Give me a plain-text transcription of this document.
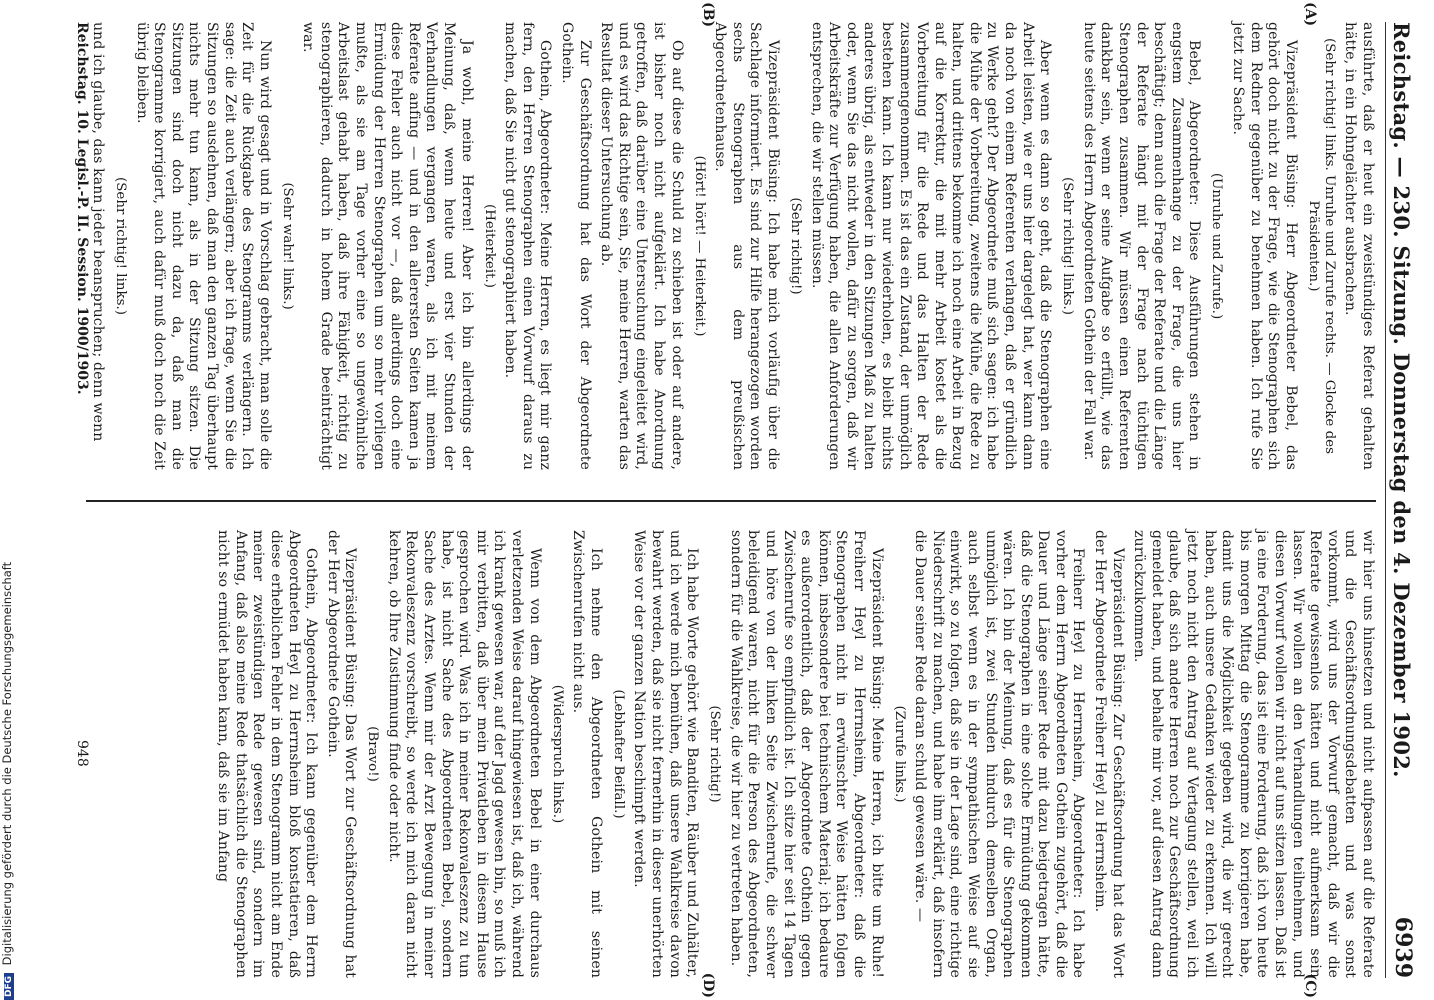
Reichstag. — 230. Sitzung. Donnerstag den 4. Dezember 1902.
6939
(A)
(B)

ausführte, daß er heut ein zweistündiges Referat gehalten hätte, in ein Hohngelächter ausbrachen.

(Sehr richtig! links. Unruhe und Zurufe rechts. — Glocke des Präsidenten.)

Vizepräsident Büsing: Herr Abgeordneter Bebel, das gehört doch nicht zu der Frage, wie die Stenographen sich dem Redner gegenüber zu benehmen haben. Ich rufe Sie jetzt zur Sache.

(Unruhe und Zurufe.)

Bebel, Abgeordneter: Diese Ausführungen stehen in engstem Zusammenhange zu der Frage, die uns hier beschäftigt; denn auch die Frage der Referate und die Länge der Referate hängt mit der Frage nach tüchtigen Stenographen zusammen. Wir müssen einen Referenten dankbar sein, wenn er seine Aufgabe so erfüllt, wie das heute seitens des Herrn Abgeordneten Gothein der Fall war.

(Sehr richtig! links.)

Aber wenn es dann so geht, daß die Stenographen eine Arbeit leisten, wie er uns hier dargelegt hat, wer kann dann da noch von einem Referenten verlangen, daß er gründlich zu Werke geht? Der Abgeordnete muß sich sagen: ich habe die Mühe der Vorbereitung, zweitens die Mühe, die Rede zu halten, und drittens bekomme ich noch eine Arbeit in Bezug auf die Korrektur, die mit mehr Arbeit kostet als die Vorbereitung für die Rede und das Halten der Rede zusammengenommen. Es ist das ein Zustand, der unmöglich bestehen kann. Ich kann nur wiederholen, es bleibt nichts anderes übrig, als entweder in den Sitzungen Maß zu halten oder, wenn Sie das nicht wollen, dafür zu sorgen, daß wir Arbeitskräfte zur Verfügung haben, die allen Anforderungen entsprechen, die wir stellen müssen.

(Sehr richtig!)

Vizepräsident Büsing: Ich habe mich vorläufig über die Sachlage informiert. Es sind zur Hilfe herangezogen worden sechs Stenographen aus dem preußischen Abgeordnetenhause.

(Hört! hört! — Heiterkeit.)

Ob auf diese die Schuld zu schieben ist oder auf andere, ist bisher noch nicht aufgeklärt. Ich habe Anordnung getroffen, daß darüber eine Untersuchung eingeleitet wird, und es wird das Richtige sein, Sie, meine Herren, warten das Resultat dieser Untersuchung ab.

Zur Geschäftsordnung hat das Wort der Abgeordnete Gothein.

Gothein, Abgeordneter: Meine Herren, es liegt mir ganz fern, den Herren Stenographen einen Vorwurf daraus zu machen, daß Sie nicht gut stenographiert haben.

(Heiterkeit.)

Ja wohl, meine Herren! Aber ich bin allerdings der Meinung, daß, wenn heute und erst vier Stunden der Verhandlungen vergangen waren, als ich mit meinem Referate anfing — und in den allerersten Seiten kamen ja diese Fehler auch nicht vor —, daß allerdings doch eine Ermüdung der Herren Stenographen um so mehr vorliegen mußte, als sie am Tage vorher eine so ungewöhnliche Arbeitslast gehabt haben, daß ihre Fähigkeit, richtig zu stenographieren, dadurch in hohem Grade beeinträchtigt war.

(Sehr wahr! links.)

Nun wird gesagt und in Vorschlag gebracht, man solle die Zeit für die Rückgabe des Stenogramms verlängern. Ich sage: die Zeit auch verlängern; aber ich frage, wenn Sie die Sitzungen so ausdehnen, daß man den ganzen Tag überhaupt nichts mehr tun kann, als in der Sitzung sitzen. Die Sitzungen sind doch nicht dazu da, daß man die Stenogramme korrigiert, auch dafür muß doch noch die Zeit übrig bleiben.

(Sehr richtig! links.)

und ich glaube, das kann jeder beanspruchen; denn wenn

(C)
(D)

wir hier uns hinsetzen und nicht aufpassen auf die Referate und die Geschäftsordnungsdebatten und was sonst vorkommt, wird uns der Vorwurf gemacht, daß wir die Referate gewissenlos hätten und nicht aufmerksam sein lassen. Wir wollen an den Verhandlungen teilnehmen, und diesen Vorwurf wollen wir nicht auf uns sitzen lassen. Daß ist ja eine Forderung, das ist eine Forderung, daß ich von heute bis morgen Mittag die Stenogramme zu korrigieren habe, damit uns die Möglichkeit gegeben wird, die wir gerecht haben, auch unsere Gedanken wieder zu erkennen. Ich will jetzt noch nicht den Antrag auf Vertagung stellen, weil ich glaube, daß sich andere Herren noch zur Geschäftsordnung gemeldet haben, und behalte mir vor, auf diesen Antrag dann zurückzukommen.

Vizepräsident Büsing: Zur Geschäftsordnung hat das Wort der Herr Abgeordnete Freiherr Heyl zu Herrnsheim.

Freiherr Heyl zu Herrnsheim, Abgeordneter: Ich habe vorher dem Herrn Abgeordneten Gothein zugehört, daß die Dauer und Länge seiner Rede mit dazu beigetragen hätte, daß die Stenographen in eine solche Ermüdung gekommen wären. Ich bin der Meinung, daß es für die Stenographen unmöglich ist, zwei Stunden hindurch demselben Organ, auch selbst wenn es in der sympathischen Weise auf sie einwirkt, so zu folgen, daß sie in der Lage sind, eine richtige Niederschrift zu machen, und habe ihm erklärt, daß insofern die Dauer seiner Rede daran schuld gewesen wäre. —

(Zurufe links.)

Vizepräsident Büsing: Meine Herren, ich bitte um Ruhe! Freiherr Heyl zu Herrnsheim, Abgeordneter: daß die Stenographen nicht in erwünschter Weise hätten folgen können, insbesondere bei technischem Material; ich bedaure es außerordentlich, daß der Abgeordnete Gothein gegen Zwischenrufe so empfindlich ist. Ich sitze hier seit 14 Tagen und höre von der linken Seite Zwischenrufe, die schwer beleidigend waren, nicht für die Person des Abgeordneten, sondern für die Wahlkreise, die wir hier zu vertreten haben.

(Sehr richtig!)

Ich habe Worte gehört wie Banditen, Räuber und Zuhälter, und ich werde mich bemühen, daß unsere Wahlkreise davon bewahrt werden, daß sie nicht fernerhin in dieser unerhörten Weise vor der ganzen Nation beschimpft werden.

(Lebhafter Beifall.)

Ich nehme den Abgeordneten Gothein mit seinen Zwischenrufen nicht aus.

(Widerspruch links.)

Wenn von dem Abgeordneten Bebel in einer durchaus verletzenden Weise darauf hingewiesen ist, daß ich, während ich krank gewesen war, auf der Jagd gewesen bin, so muß ich mir verbitten, daß über mein Privatleben in diesem Hause gesprochen wird. Was ich in meiner Rekonvaleszenz zu tun habe, ist nicht Sache des Abgeordneten Bebel, sondern Sache des Arztes. Wenn mir der Arzt Bewegung in meiner Rekonvaleszenz vorschreibt, so werde ich mich daran nicht kehren, ob Ihre Zustimmung finde oder nicht.

(Bravo!)

Vizepräsident Büsing: Das Wort zur Geschäftsordnung hat der Herr Abgeordnete Gothein.

Gothein, Abgeordneter: Ich kann gegenüber dem Herrn Abgeordneten Heyl zu Herrnsheim bloß konstatieren, daß diese erheblichen Fehler in dem Stenogramm nicht am Ende meiner zweistündigen Rede gewesen sind, sondern im Anfang, daß also meine Rede thatsächlich die Stenographen nicht so ermüdet haben kann, daß sie im Anfang

Reichstag. 10. Legisl.-P. II. Session. 1900/1903.
948
DFG Digitalisierung gefördert durch die Deutsche Forschungsgemeinschaft
